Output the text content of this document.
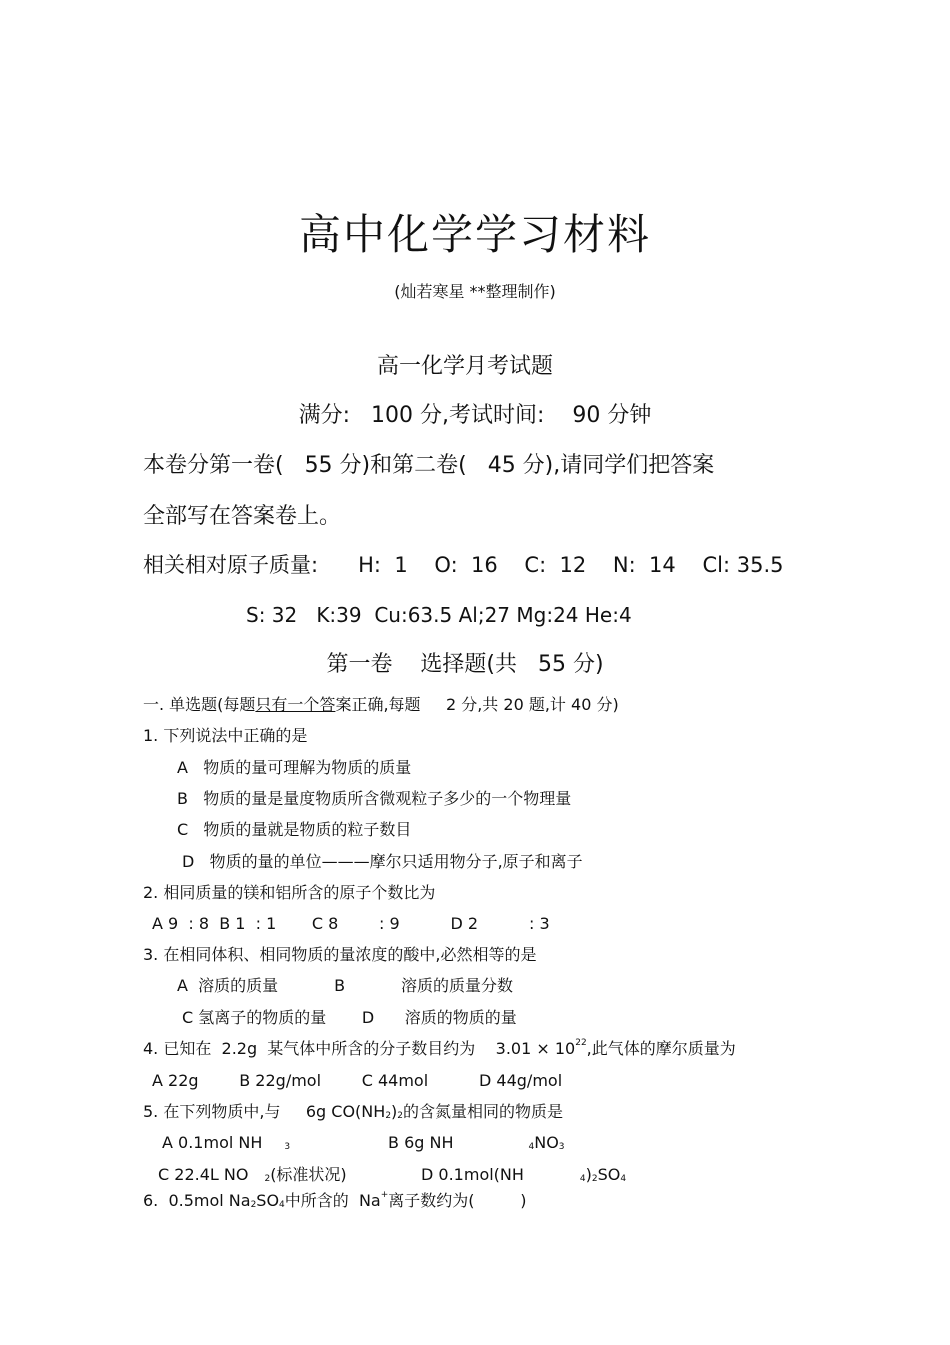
高中化学学习材料
(灿若寒星 **整理制作)
高一化学月考试题
满分:   100 分,考试时间:    90 分钟
本卷分第一卷(   55 分)和第二卷(   45 分),请同学们把答案
全部写在答案卷上。
相关相对原子质量:      H:  1    O:  16    C:  12    N:  14    Cl: 35.5
S: 32   K:39  Cu:63.5 Al;27 Mg:24 He:4
第一卷    选择题(共   55 分)
一. 单选题(每题只有一个答案正确,每题     2 分,共 20 题,计 40 分)
1. 下列说法中正确的是
A   物质的量可理解为物质的质量
B   物质的量是量度物质所含微观粒子多少的一个物理量
C   物质的量就是物质的粒子数目
D   物质的量的单位———摩尔只适用物分子,原子和离子
2. 相同质量的镁和铝所含的原子个数比为
A 9  : 8  B 1  : 1       C 8        : 9          D 2          : 3
3. 在相同体积、相同物质的量浓度的酸中,必然相等的是
A  溶质的质量           B           溶质的质量分数
C 氢离子的物质的量       D      溶质的物质的量
4. 已知在  2.2g  某气体中所含的分子数目约为    $3.01 \times 10^{22}$,此气体的摩尔质量为
A 22g        B 22g/mol        C 44mol          D 44g/mol
5. 在下列物质中,与     6g $CO(NH_2)_2$的含氮量相同的物质是
A 0.1mol NH $_3$	B 6g NH	$_4NO_3$
C 22.4L NO $_2$(标准状况)	D 0.1mol(NH	$_4)_2SO_4$
6.  0.5mol $Na_2SO_4$中所含的  Na+离子数约为(         )
